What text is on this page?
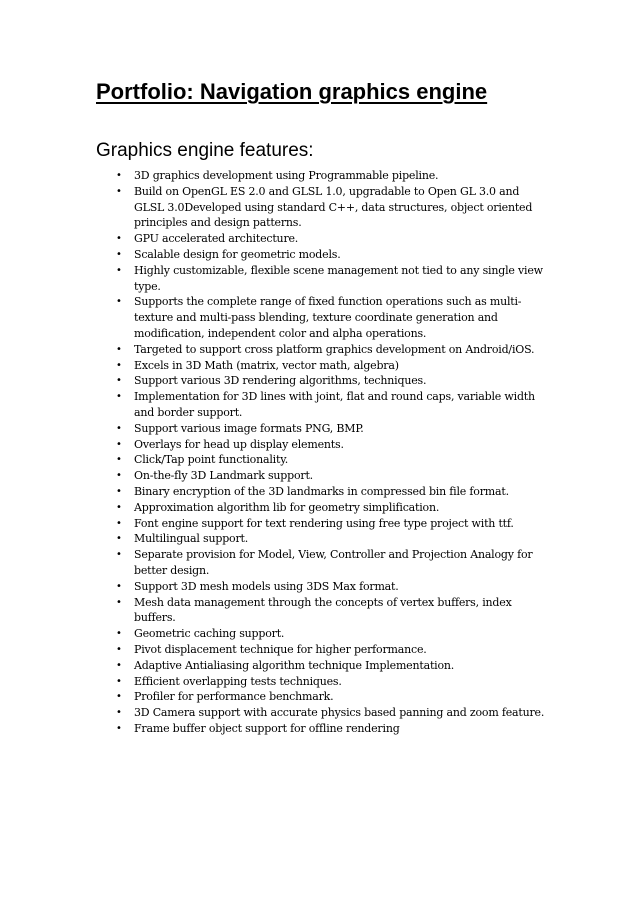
Portfolio: Navigation graphics engine
Graphics engine features:
• 3D graphics development using Programmable pipeline.
• Build on OpenGL ES 2.0 and GLSL 1.0, upgradable to Open GL 3.0 and GLSL 3.0Developed using standard C++, data structures, object oriented principles and design patterns.
• GPU accelerated architecture.
• Scalable design for geometric models.
• Highly customizable, flexible scene management not tied to any single view type.
• Supports the complete range of fixed function operations such as multi-texture and multi-pass blending, texture coordinate generation and modification, independent color and alpha operations.
• Targeted to support cross platform graphics development on Android/iOS.
• Excels in 3D Math (matrix, vector math, algebra)
• Support various 3D rendering algorithms, techniques.
• Implementation for 3D lines with joint, flat and round caps, variable width and border support.
• Support various image formats PNG, BMP.
• Overlays for head up display elements.
• Click/Tap point functionality.
• On-the-fly 3D Landmark support.
• Binary encryption of the 3D landmarks in compressed bin file format.
• Approximation algorithm lib for geometry simplification.
• Font engine support for text rendering using free type project with ttf.
• Multilingual support.
• Separate provision for Model, View, Controller and Projection Analogy for better design.
• Support 3D mesh models using 3DS Max format.
• Mesh data management through the concepts of vertex buffers, index buffers.
• Geometric caching support.
• Pivot displacement technique for higher performance.
• Adaptive Antialiasing algorithm technique Implementation.
• Efficient overlapping tests techniques.
• Profiler for performance benchmark.
• 3D Camera support with accurate physics based panning and zoom feature.
• Frame buffer object support for offline rendering
